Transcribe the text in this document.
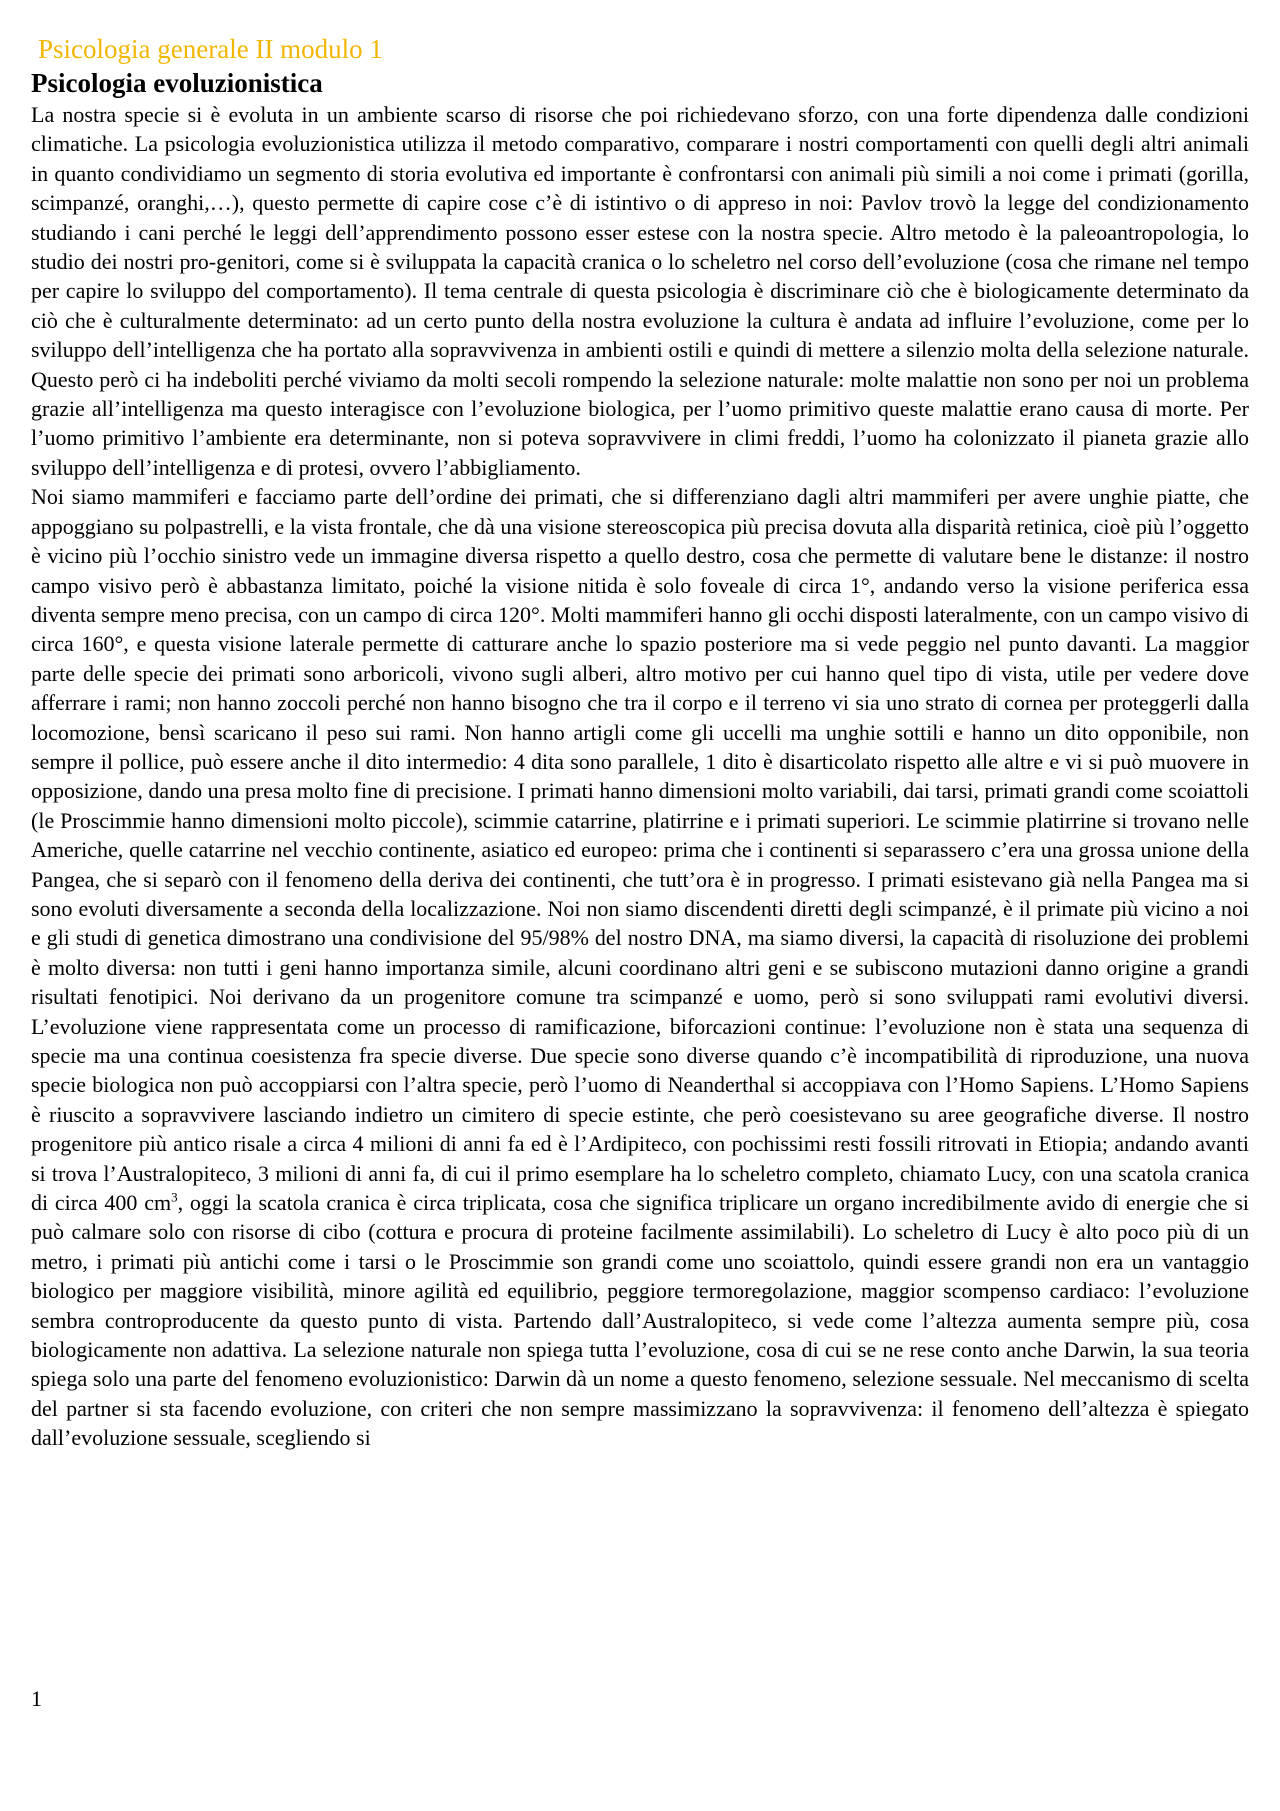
Psicologia generale II modulo 1
Psicologia evoluzionistica

La nostra specie si è evoluta in un ambiente scarso di risorse che poi richiedevano sforzo, con una forte dipendenza dalle condizioni climatiche. La psicologia evoluzionistica utilizza il metodo comparativo, comparare i nostri comportamenti con quelli degli altri animali in quanto condividiamo un segmento di storia evolutiva ed importante è confrontarsi con animali più simili a noi come i primati (gorilla, scimpanzé, oranghi,…), questo permette di capire cose c’è di istintivo o di appreso in noi: Pavlov trovò la legge del condizionamento studiando i cani perché le leggi dell’apprendimento possono esser estese con la nostra specie. Altro metodo è la paleoantropologia, lo studio dei nostri pro-genitori, come si è sviluppata la capacità cranica o lo scheletro nel corso dell’evoluzione (cosa che rimane nel tempo per capire lo sviluppo del comportamento). Il tema centrale di questa psicologia è discriminare ciò che è biologicamente determinato da ciò che è culturalmente determinato: ad un certo punto della nostra evoluzione la cultura è andata ad influire l’evoluzione, come per lo sviluppo dell’intelligenza che ha portato alla sopravvivenza in ambienti ostili e quindi di mettere a silenzio molta della selezione naturale. Questo però ci ha indeboliti perché viviamo da molti secoli rompendo la selezione naturale: molte malattie non sono per noi un problema grazie all’intelligenza ma questo interagisce con l’evoluzione biologica, per l’uomo primitivo queste malattie erano causa di morte. Per l’uomo primitivo l’ambiente era determinante, non si poteva sopravvivere in climi freddi, l’uomo ha colonizzato il pianeta grazie allo sviluppo dell’intelligenza e di protesi, ovvero l’abbigliamento.

Noi siamo mammiferi e facciamo parte dell’ordine dei primati, che si differenziano dagli altri mammiferi per avere unghie piatte, che appoggiano su polpastrelli, e la vista frontale, che dà una visione stereoscopica più precisa dovuta alla disparità retinica, cioè più l’oggetto è vicino più l’occhio sinistro vede un immagine diversa rispetto a quello destro, cosa che permette di valutare bene le distanze: il nostro campo visivo però è abbastanza limitato, poiché la visione nitida è solo foveale di circa 1°, andando verso la visione periferica essa diventa sempre meno precisa, con un campo di circa 120°. Molti mammiferi hanno gli occhi disposti lateralmente, con un campo visivo di circa 160°, e questa visione laterale permette di catturare anche lo spazio posteriore ma si vede peggio nel punto davanti. La maggior parte delle specie dei primati sono arboricoli, vivono sugli alberi, altro motivo per cui hanno quel tipo di vista, utile per vedere dove afferrare i rami; non hanno zoccoli perché non hanno bisogno che tra il corpo e il terreno vi sia uno strato di cornea per proteggerli dalla locomozione, bensì scaricano il peso sui rami. Non hanno artigli come gli uccelli ma unghie sottili e hanno un dito opponibile, non sempre il pollice, può essere anche il dito intermedio: 4 dita sono parallele, 1 dito è disarticolato rispetto alle altre e vi si può muovere in opposizione, dando una presa molto fine di precisione. I primati hanno dimensioni molto variabili, dai tarsi, primati grandi come scoiattoli (le Proscimmie hanno dimensioni molto piccole), scimmie catarrine, platirrine e i primati superiori. Le scimmie platirrine si trovano nelle Americhe, quelle catarrine nel vecchio continente, asiatico ed europeo: prima che i continenti si separassero c’era una grossa unione della Pangea, che si separò con il fenomeno della deriva dei continenti, che tutt’ora è in progresso. I primati esistevano già nella Pangea ma si sono evoluti diversamente a seconda della localizzazione. Noi non siamo discendenti diretti degli scimpanzé, è il primate più vicino a noi e gli studi di genetica dimostrano una condivisione del 95/98% del nostro DNA, ma siamo diversi, la capacità di risoluzione dei problemi è molto diversa: non tutti i geni hanno importanza simile, alcuni coordinano altri geni e se subiscono mutazioni danno origine a grandi risultati fenotipici. Noi derivano da un progenitore comune tra scimpanzé e uomo, però si sono sviluppati rami evolutivi diversi. L’evoluzione viene rappresentata come un processo di ramificazione, biforcazioni continue: l’evoluzione non è stata una sequenza di specie ma una continua coesistenza fra specie diverse. Due specie sono diverse quando c’è incompatibilità di riproduzione, una nuova specie biologica non può accoppiarsi con l’altra specie, però l’uomo di Neanderthal si accoppiava con l’Homo Sapiens. L’Homo Sapiens è riuscito a sopravvivere lasciando indietro un cimitero di specie estinte, che però coesistevano su aree geografiche diverse. Il nostro progenitore più antico risale a circa 4 milioni di anni fa ed è l’Ardipiteco, con pochissimi resti fossili ritrovati in Etiopia; andando avanti si trova l’Australopiteco, 3 milioni di anni fa, di cui il primo esemplare ha lo scheletro completo, chiamato Lucy, con una scatola cranica di circa 400 $cm^3$, oggi la scatola cranica è circa triplicata, cosa che significa triplicare un organo incredibilmente avido di energie che si può calmare solo con risorse di cibo (cottura e procura di proteine facilmente assimilabili). Lo scheletro di Lucy è alto poco più di un metro, i primati più antichi come i tarsi o le Proscimmie son grandi come uno scoiattolo, quindi essere grandi non era un vantaggio biologico per maggiore visibilità, minore agilità ed equilibrio, peggiore termoregolazione, maggior scompenso cardiaco: l’evoluzione sembra controproducente da questo punto di vista. Partendo dall’Australopiteco, si vede come l’altezza aumenta sempre più, cosa biologicamente non adattiva. La selezione naturale non spiega tutta l’evoluzione, cosa di cui se ne rese conto anche Darwin, la sua teoria spiega solo una parte del fenomeno evoluzionistico: Darwin dà un nome a questo fenomeno, selezione sessuale. Nel meccanismo di scelta del partner si sta facendo evoluzione, con criteri che non sempre massimizzano la sopravvivenza: il fenomeno dell’altezza è spiegato dall’evoluzione sessuale, scegliendo si

1
